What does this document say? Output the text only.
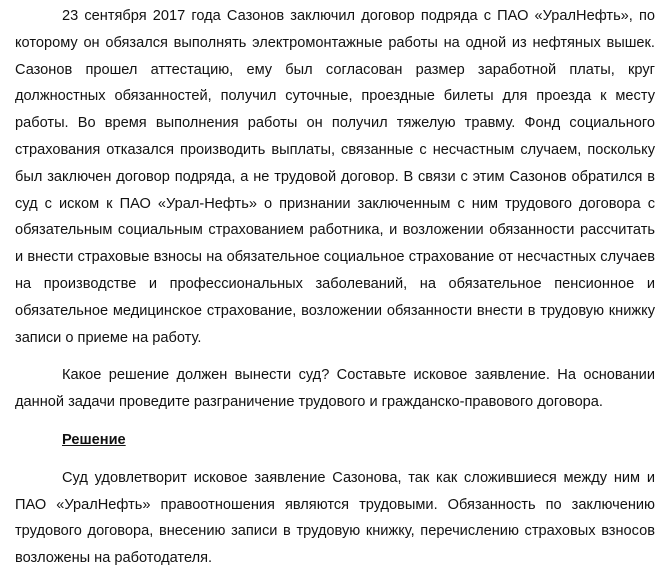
23 сентября 2017 года Сазонов заключил договор подряда с ПАО «УралНефть», по которому он обязался выполнять электромонтажные работы на одной из нефтяных вышек. Сазонов прошел аттестацию, ему был согласован размер заработной платы, круг должностных обязанностей, получил суточные, проездные билеты для проезда к месту работы. Во время выполнения работы он получил тяжелую травму. Фонд социального страхования отказался производить выплаты, связанные с несчастным случаем, поскольку был заключен договор подряда, а не трудовой договор. В связи с этим Сазонов обратился в суд с иском к ПАО «Урал-Нефть» о признании заключенным с ним трудового договора с обязательным социальным страхованием работника, и возложении обязанности рассчитать и внести страховые взносы на обязательное социальное страхование от несчастных случаев на производстве и профессиональных заболеваний, на обязательное пенсионное и обязательное медицинское страхование, возложении обязанности внести в трудовую книжку записи о приеме на работу.

Какое решение должен вынести суд? Составьте исковое заявление. На основании данной задачи проведите разграничение трудового и гражданско-правового договора.

Решение

Суд удовлетворит исковое заявление Сазонова, так как сложившиеся между ним и ПАО «УралНефть» правоотношения являются трудовыми. Обязанность по заключению трудового договора, внесению записи в трудовую книжку, перечислению страховых взносов возложены на работодателя.
